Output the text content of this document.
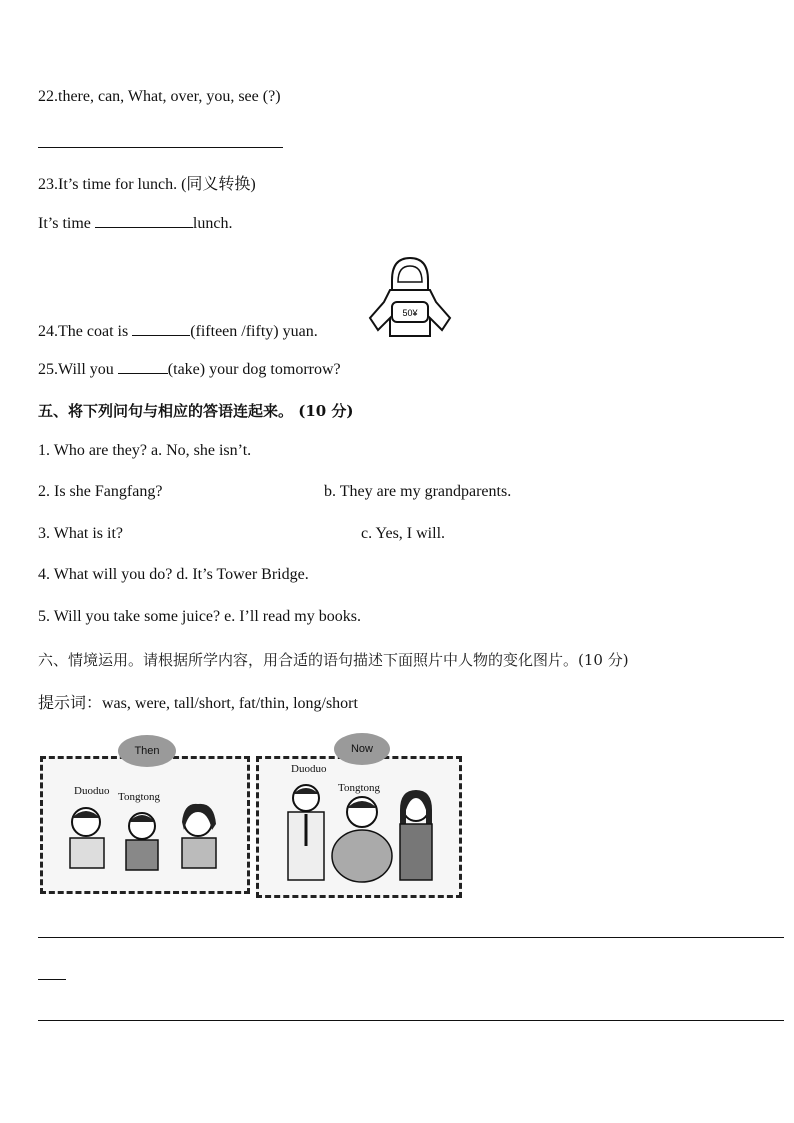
22.there, can, What, over, you, see (?)
23.It’s time for lunch. (同义转换)
It’s time	lunch.
50¥
24.The coat is	(fifteen /fifty) yuan.
25.Will you	(take) your dog tomorrow?
五、将下列问句与相应的答语连起来。 (10 分)
1. Who are they? a. No, she isn’t.
2. Is she Fangfang?	b. They are my grandparents.
3. What is it?	c. Yes, I will.
4. What will you do? d. It’s Tower Bridge.
5. Will you take some juice? e. I’ll read my books.
六、情境运用。请根据所学内容，用合适的语句描述下面照片中人物的变化图片。(10 分)
提示词：was, were, tall/short, fat/thin, long/short
Then
Duoduo Tongtong
Now
Duoduo
Tongtong
